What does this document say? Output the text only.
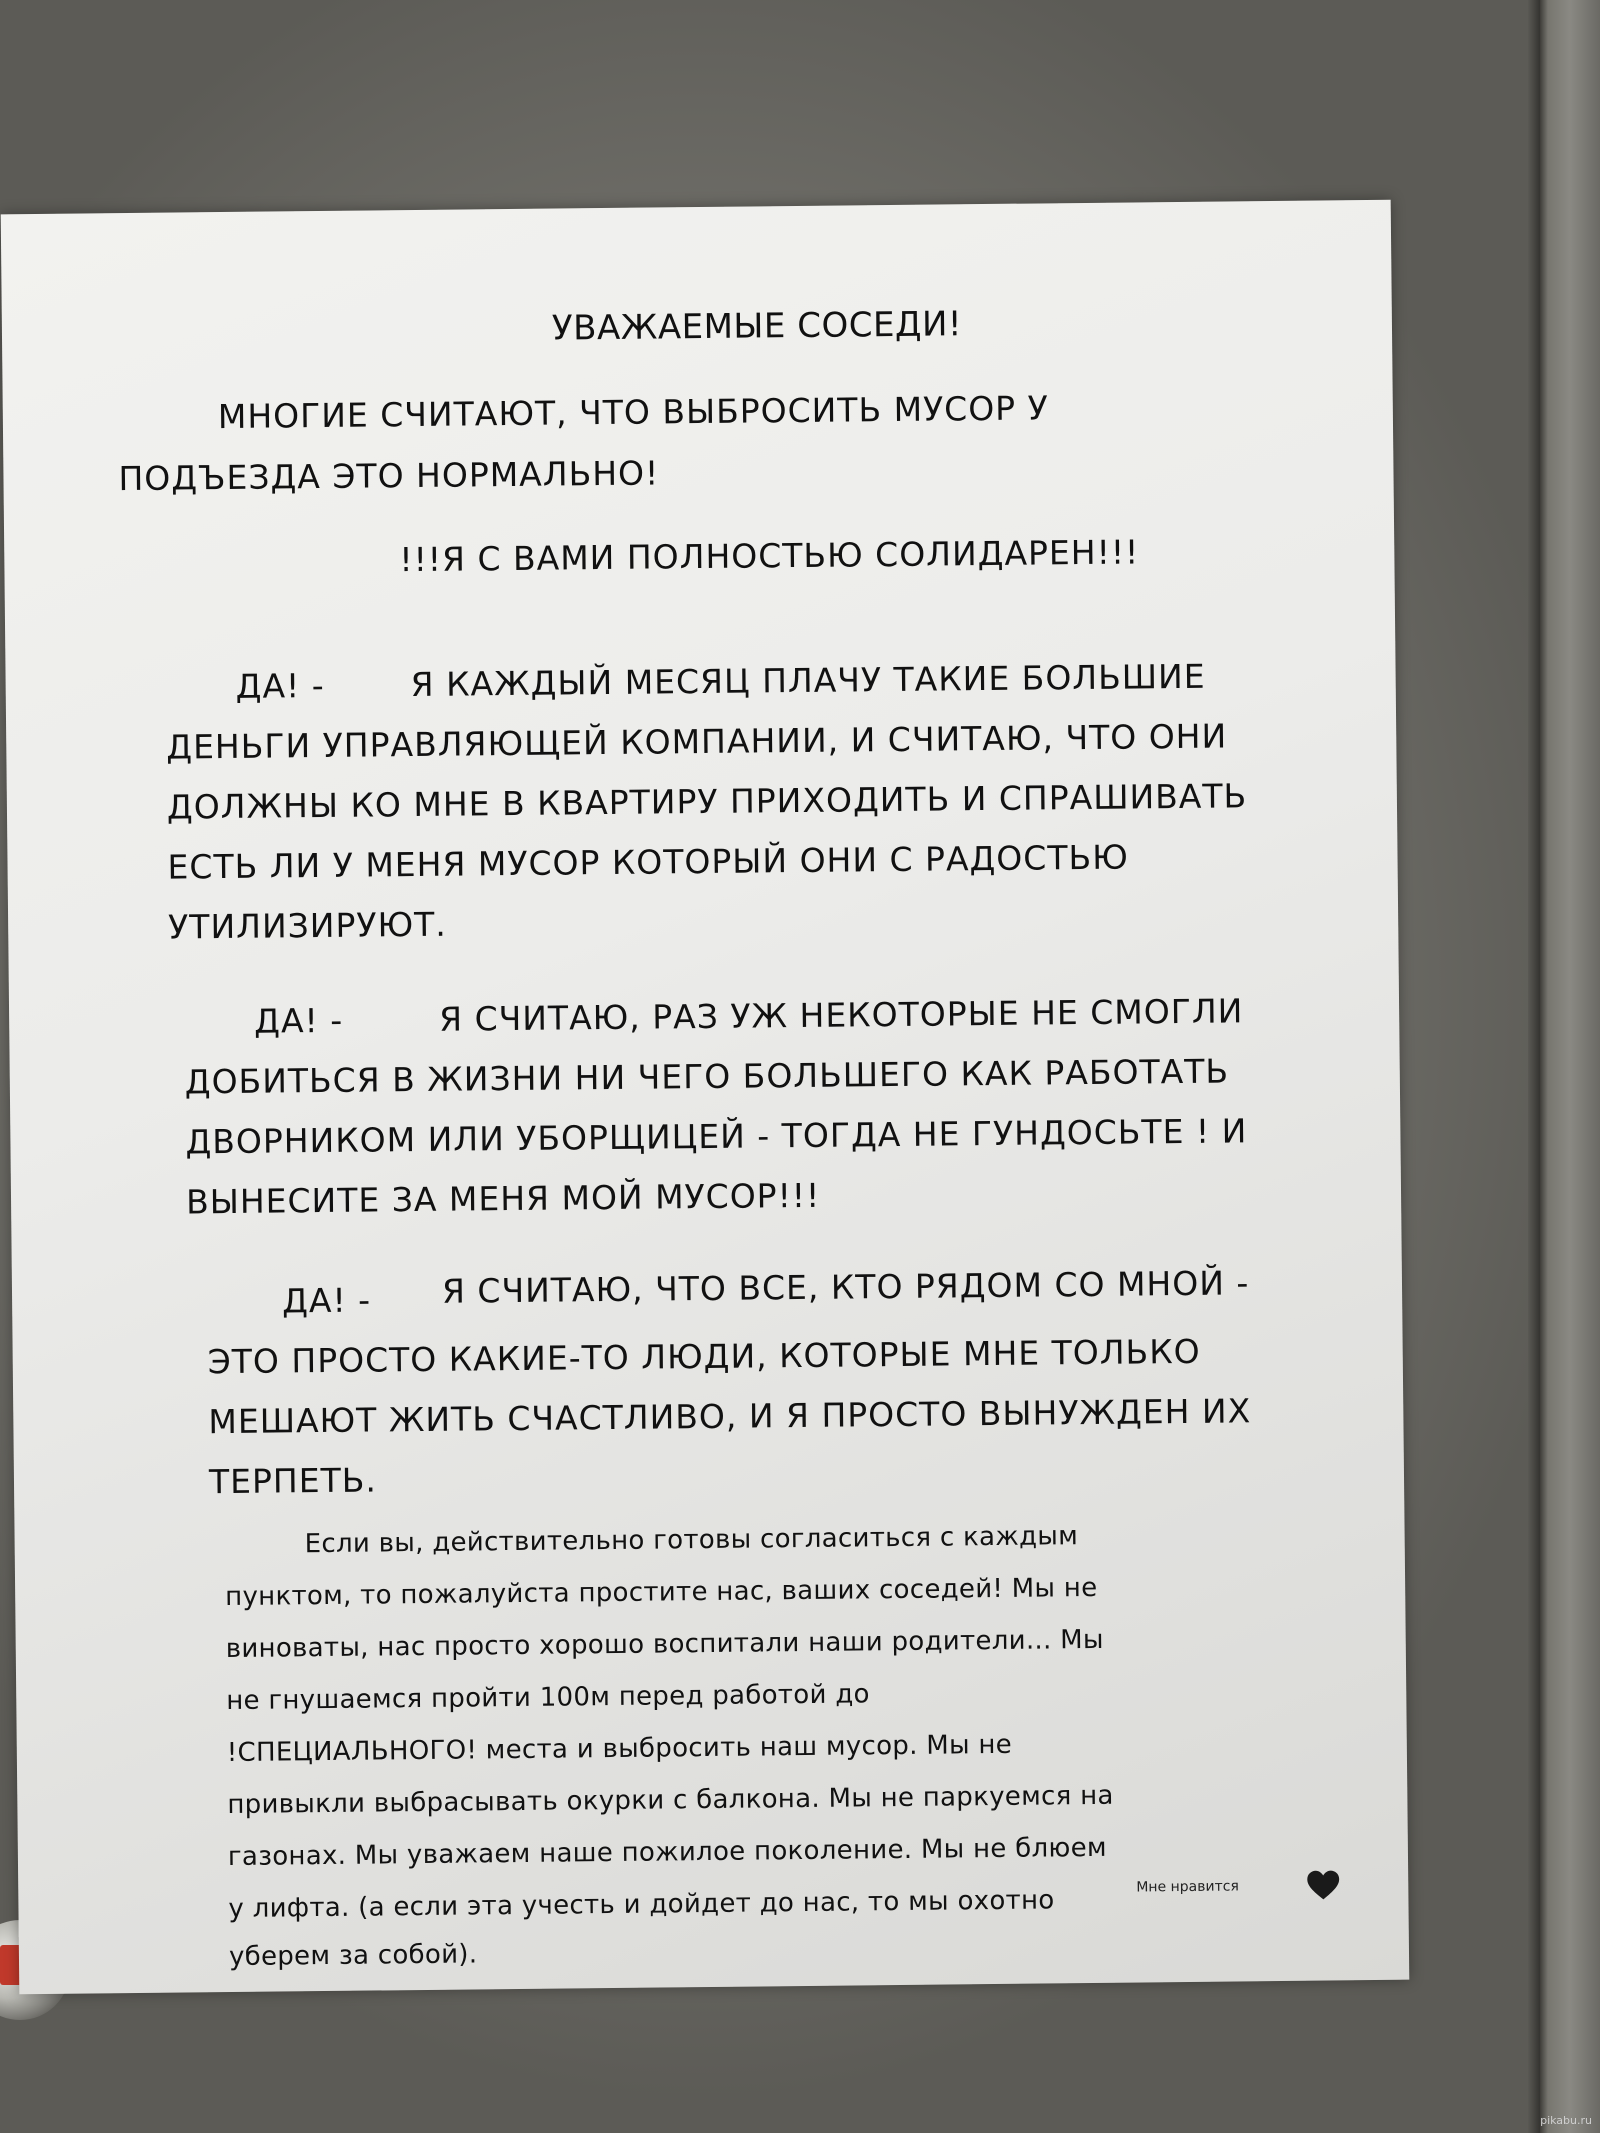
УВАЖАЕМЫЕ СОСЕДИ!
МНОГИЕ СЧИТАЮТ, ЧТО ВЫБРОСИТЬ МУСОР У
ПОДЪЕЗДА ЭТО НОРМАЛЬНО!
!!!Я С ВАМИ ПОЛНОСТЬЮ СОЛИДАРЕН!!!
ДА! -	Я КАЖДЫЙ МЕСЯЦ ПЛАЧУ ТАКИЕ БОЛЬШИЕ
ДЕНЬГИ УПРАВЛЯЮЩЕЙ КОМПАНИИ, И СЧИТАЮ, ЧТО ОНИ
ДОЛЖНЫ КО МНЕ В КВАРТИРУ ПРИХОДИТЬ И СПРАШИВАТЬ
ЕСТЬ ЛИ У МЕНЯ МУСОР КОТОРЫЙ ОНИ С РАДОСТЬЮ
УТИЛИЗИРУЮТ.
ДА! -	Я СЧИТАЮ, РАЗ УЖ НЕКОТОРЫЕ НЕ СМОГЛИ
ДОБИТЬСЯ В ЖИЗНИ НИ ЧЕГО БОЛЬШЕГО КАК РАБОТАТЬ
ДВОРНИКОМ ИЛИ УБОРЩИЦЕЙ - ТОГДА НЕ ГУНДОСЬТЕ ! И
ВЫНЕСИТЕ ЗА МЕНЯ МОЙ МУСОР!!!
ДА! - Я СЧИТАЮ, ЧТО ВСЕ, КТО РЯДОМ СО МНОЙ -
ЭТО ПРОСТО КАКИЕ-ТО ЛЮДИ, КОТОРЫЕ МНЕ ТОЛЬКО
МЕШАЮТ ЖИТЬ СЧАСТЛИВО, И Я ПРОСТО ВЫНУЖДЕН ИХ
ТЕРПЕТЬ.
Если вы, действительно готовы согласиться с каждым
пунктом, то пожалуйста простите нас, ваших соседей! Мы не
виноваты, нас просто хорошо воспитали наши родители... Мы
не гнушаемся пройти 100м перед работой до
!СПЕЦИАЛЬНОГО! места и выбросить наш мусор. Мы не
привыкли выбрасывать окурки с балкона. Мы не паркуемся на
газонах. Мы уважаем наше пожилое поколение. Мы не блюем
у лифта. (а если эта учесть и дойдет до нас, то мы охотно
уберем за собой).
Мне нравится
pikabu.ru
